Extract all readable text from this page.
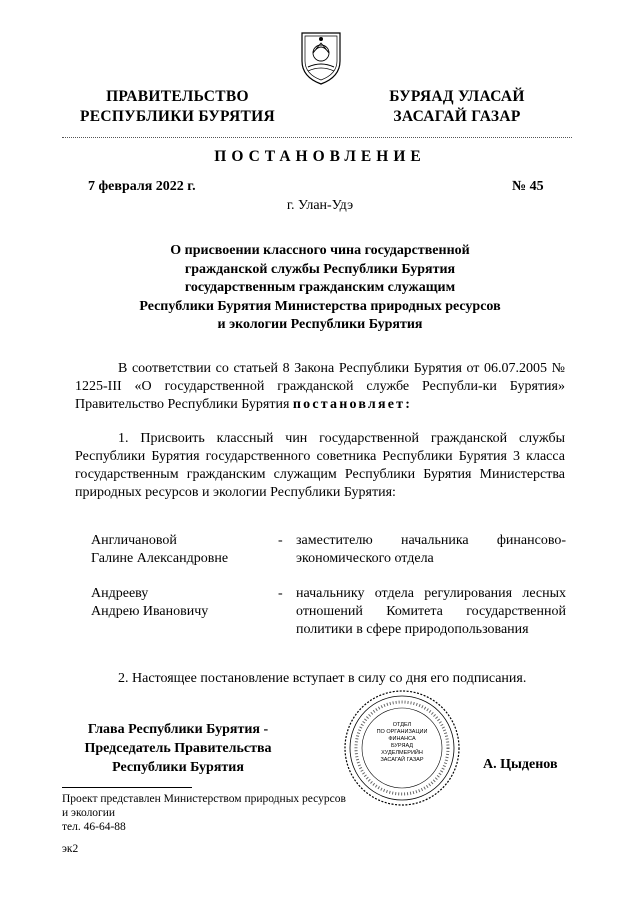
ПРАВИТЕЛЬСТВО
РЕСПУБЛИКИ БУРЯТИЯ
БУРЯАД УЛАСАЙ
ЗАСАГАЙ ГАЗАР
ПОСТАНОВЛЕНИЕ
7 февраля 2022 г.	№ 45
г. Улан-Удэ
О присвоении классного чина государственной
гражданской службы Республики Бурятия
государственным гражданским служащим
Республики Бурятия Министерства природных ресурсов
и экологии Республики Бурятия
В соответствии со статьей 8 Закона Республики Бурятия от 06.07.2005 № 1225-III «О государственной гражданской службе Республи-ки Бурятия» Правительство Республики Бурятия постановляет:
1. Присвоить классный чин государственной гражданской службы Республики Бурятия государственного советника Республики Бурятия 3 класса государственным гражданским служащим Республики Бурятия Министерства природных ресурсов и экологии Республики Бурятия:
Англичановой
Галине Александровне
- заместителю начальника финансово-экономического отдела
Андрееву
Андрею Ивановичу
- начальнику отдела регулирования лесных отношений Комитета государственной политики в сфере природопользования
2. Настоящее постановление вступает в силу со дня его подписания.
Глава Республики Бурятия -
Председатель Правительства
Республики Бурятия
ОТДЕЛ
ПО ОРГАНИЗАЦИИ
ФИНАНСА
БУРЯАД
ХУДЕЛМЕРИЙН
ЗАСАГАЙ ГАЗАР	А. Цыденов
Проект представлен Министерством природных ресурсов
и экологии
тел. 46-64-88
эк2
